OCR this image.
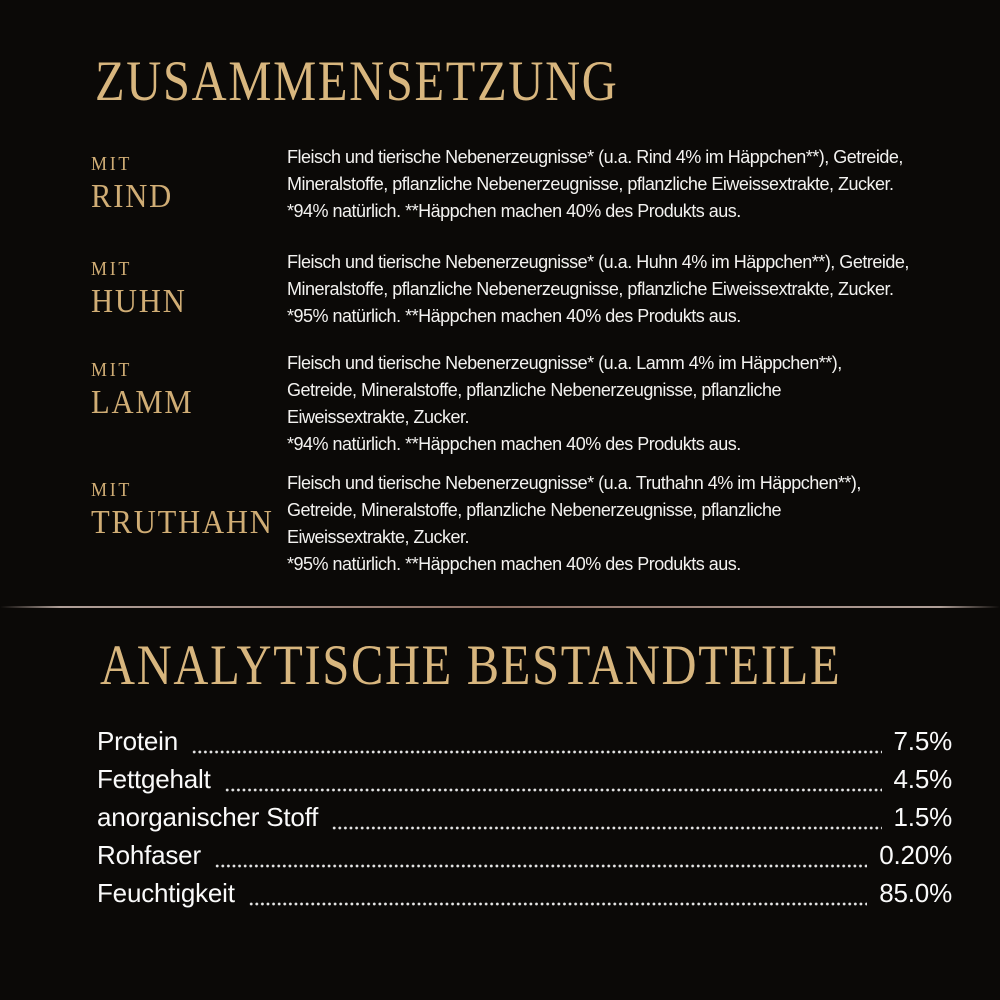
ZUSAMMENSETZUNG
MIT
RIND
Fleisch und tierische Nebenerzeugnisse* (u.a. Rind 4% im Häppchen**), Getreide,
Mineralstoffe, pflanzliche Nebenerzeugnisse, pflanzliche Eiweissextrakte, Zucker.
*94% natürlich. **Häppchen machen 40% des Produkts aus.
MIT
HUHN
Fleisch und tierische Nebenerzeugnisse* (u.a. Huhn 4% im Häppchen**), Getreide,
Mineralstoffe, pflanzliche Nebenerzeugnisse, pflanzliche Eiweissextrakte, Zucker.
*95% natürlich. **Häppchen machen 40% des Produkts aus.
MIT
LAMM
Fleisch und tierische Nebenerzeugnisse* (u.a. Lamm 4% im Häppchen**),
Getreide, Mineralstoffe, pflanzliche Nebenerzeugnisse, pflanzliche
Eiweissextrakte, Zucker.
*94% natürlich. **Häppchen machen 40% des Produkts aus.
MIT
TRUTHAHN
Fleisch und tierische Nebenerzeugnisse* (u.a. Truthahn 4% im Häppchen**),
Getreide, Mineralstoffe, pflanzliche Nebenerzeugnisse, pflanzliche
Eiweissextrakte, Zucker.
*95% natürlich. **Häppchen machen 40% des Produkts aus.
ANALYTISCHE BESTANDTEILE
Protein	7.5%
Fettgehalt	4.5%
anorganischer Stoff	1.5%
Rohfaser	0.20%
Feuchtigkeit	85.0%
